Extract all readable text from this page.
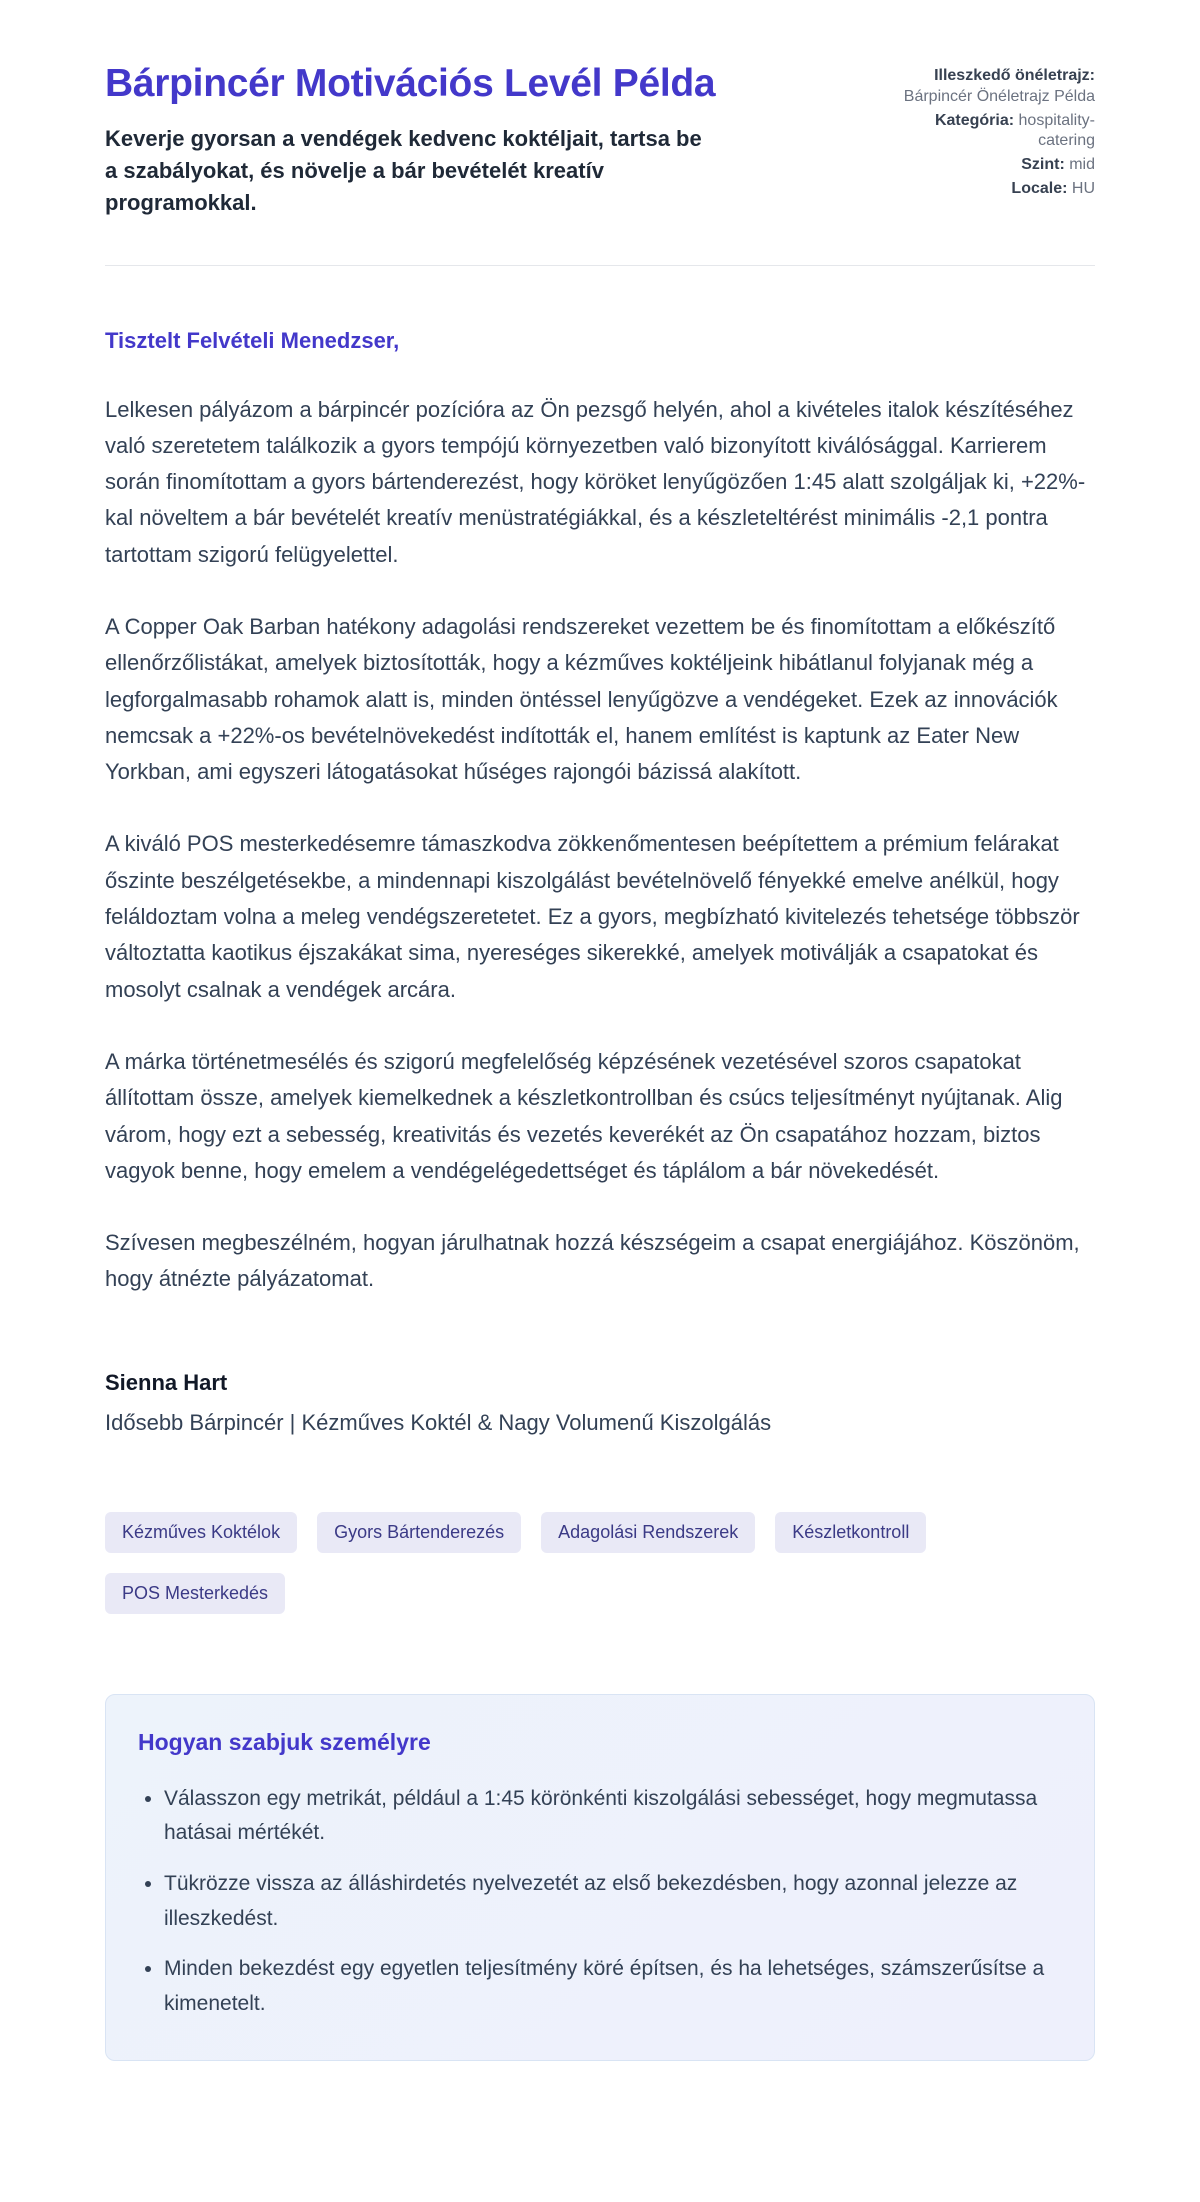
Bárpincér Motivációs Levél Példa

Keverje gyorsan a vendégek kedvenc koktéljait, tartsa be a szabályokat, és növelje a bár bevételét kreatív programokkal.

Illeszkedő önéletrajz: Bárpincér Önéletrajz Példa

Kategória: hospitality-catering

Szint: mid

Locale: HU

Tisztelt Felvételi Menedzser,

Lelkesen pályázom a bárpincér pozícióra az Ön pezsgő helyén, ahol a kivételes italok készítéséhez való szeretetem találkozik a gyors tempójú környezetben való bizonyított kiválósággal. Karrierem során finomítottam a gyors bártenderezést, hogy köröket lenyűgözően 1:45 alatt szolgáljak ki, +22%-kal növeltem a bár bevételét kreatív menüstratégiákkal, és a készleteltérést minimális -2,1 pontra tartottam szigorú felügyelettel.

A Copper Oak Barban hatékony adagolási rendszereket vezettem be és finomítottam a előkészítő ellenőrzőlistákat, amelyek biztosították, hogy a kézműves koktéljeink hibátlanul folyjanak még a legforgalmasabb rohamok alatt is, minden öntéssel lenyűgözve a vendégeket. Ezek az innovációk nemcsak a +22%-os bevételnövekedést indították el, hanem említést is kaptunk az Eater New Yorkban, ami egyszeri látogatásokat hűséges rajongói bázissá alakított.

A kiváló POS mesterkedésemre támaszkodva zökkenőmentesen beépítettem a prémium felárakat őszinte beszélgetésekbe, a mindennapi kiszolgálást bevételnövelő fényekké emelve anélkül, hogy feláldoztam volna a meleg vendégszeretetet. Ez a gyors, megbízható kivitelezés tehetsége többször változtatta kaotikus éjszakákat sima, nyereséges sikerekké, amelyek motiválják a csapatokat és mosolyt csalnak a vendégek arcára.

A márka történetmesélés és szigorú megfelelőség képzésének vezetésével szoros csapatokat állítottam össze, amelyek kiemelkednek a készletkontrollban és csúcs teljesítményt nyújtanak. Alig várom, hogy ezt a sebesség, kreativitás és vezetés keverékét az Ön csapatához hozzam, biztos vagyok benne, hogy emelem a vendégelégedettséget és táplálom a bár növekedését.

Szívesen megbeszélném, hogyan járulhatnak hozzá készségeim a csapat energiájához. Köszönöm, hogy átnézte pályázatomat.

Sienna Hart

Idősebb Bárpincér | Kézműves Koktél & Nagy Volumenű Kiszolgálás

Kézműves Koktélok	Gyors Bártenderezés	Adagolási Rendszerek	Készletkontroll
POS Mesterkedés
Hogyan szabjuk személyre
• Válasszon egy metrikát, például a 1:45 körönkénti kiszolgálási sebességet, hogy megmutassa hatásai mértékét.
• Tükrözze vissza az álláshirdetés nyelvezetét az első bekezdésben, hogy azonnal jelezze az illeszkedést.
• Minden bekezdést egy egyetlen teljesítmény köré építsen, és ha lehetséges, számszerűsítse a kimenetelt.
